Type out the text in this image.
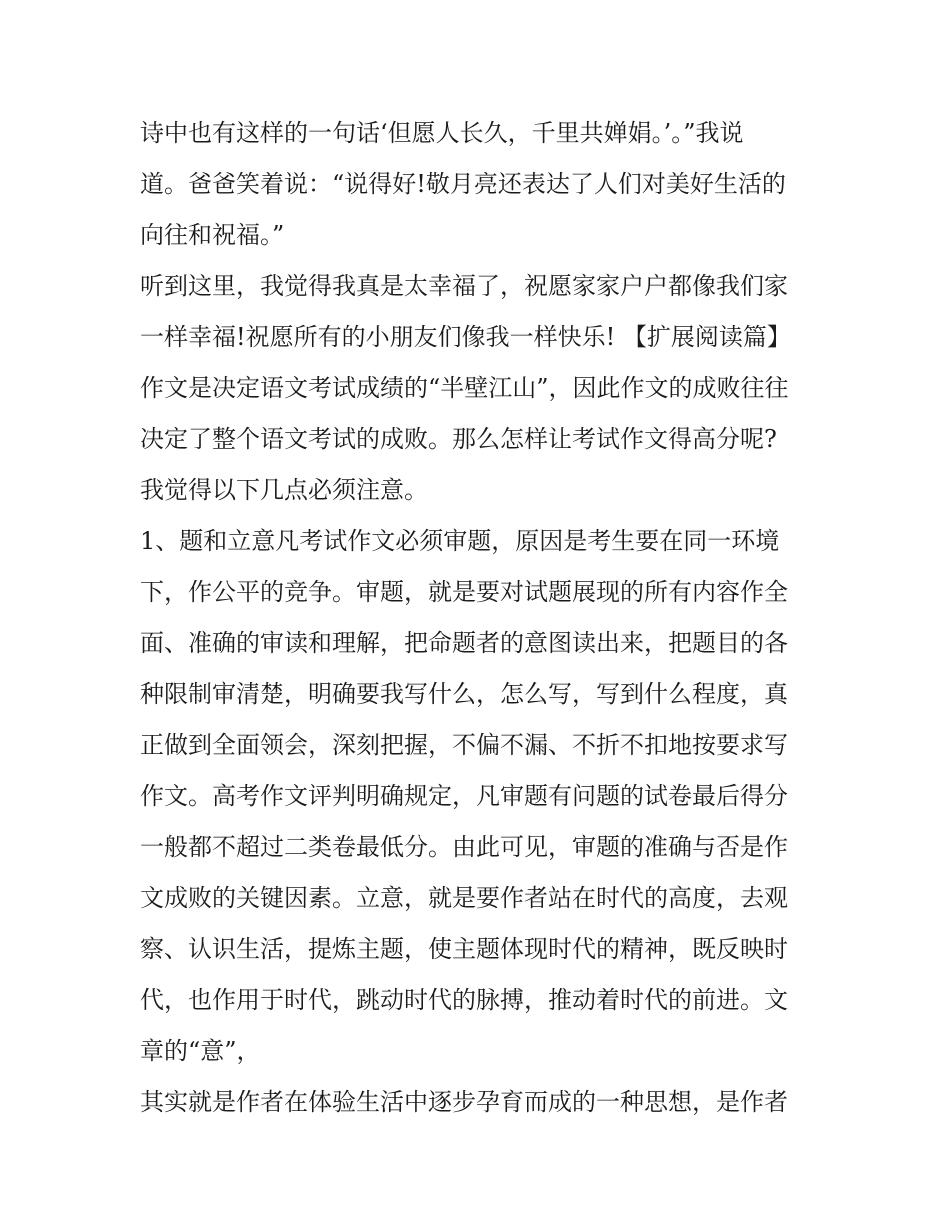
诗中也有这样的一句话‘但愿人长久，千里共婵娟。’。”我说
道。爸爸笑着说：“说得好!敬月亮还表达了人们对美好生活的
向往和祝福。”
听到这里，我觉得我真是太幸福了，祝愿家家户户都像我们家
一样幸福!祝愿所有的小朋友们像我一样快乐! 【扩展阅读篇】
作文是决定语文考试成绩的“半壁江山”，因此作文的成败往往
决定了整个语文考试的成败。那么怎样让考试作文得高分呢?
我觉得以下几点必须注意。
1、题和立意凡考试作文必须审题，原因是考生要在同一环境
下，作公平的竞争。审题，就是要对试题展现的所有内容作全
面、准确的审读和理解，把命题者的意图读出来，把题目的各
种限制审清楚，明确要我写什么，怎么写，写到什么程度，真
正做到全面领会，深刻把握，不偏不漏、不折不扣地按要求写
作文。高考作文评判明确规定，凡审题有问题的试卷最后得分
一般都不超过二类卷最低分。由此可见，审题的准确与否是作
文成败的关键因素。立意，就是要作者站在时代的高度，去观
察、认识生活，提炼主题，使主题体现时代的精神，既反映时
代，也作用于时代，跳动时代的脉搏，推动着时代的前进。文
章的“意”，
其实就是作者在体验生活中逐步孕育而成的一种思想，是作者
